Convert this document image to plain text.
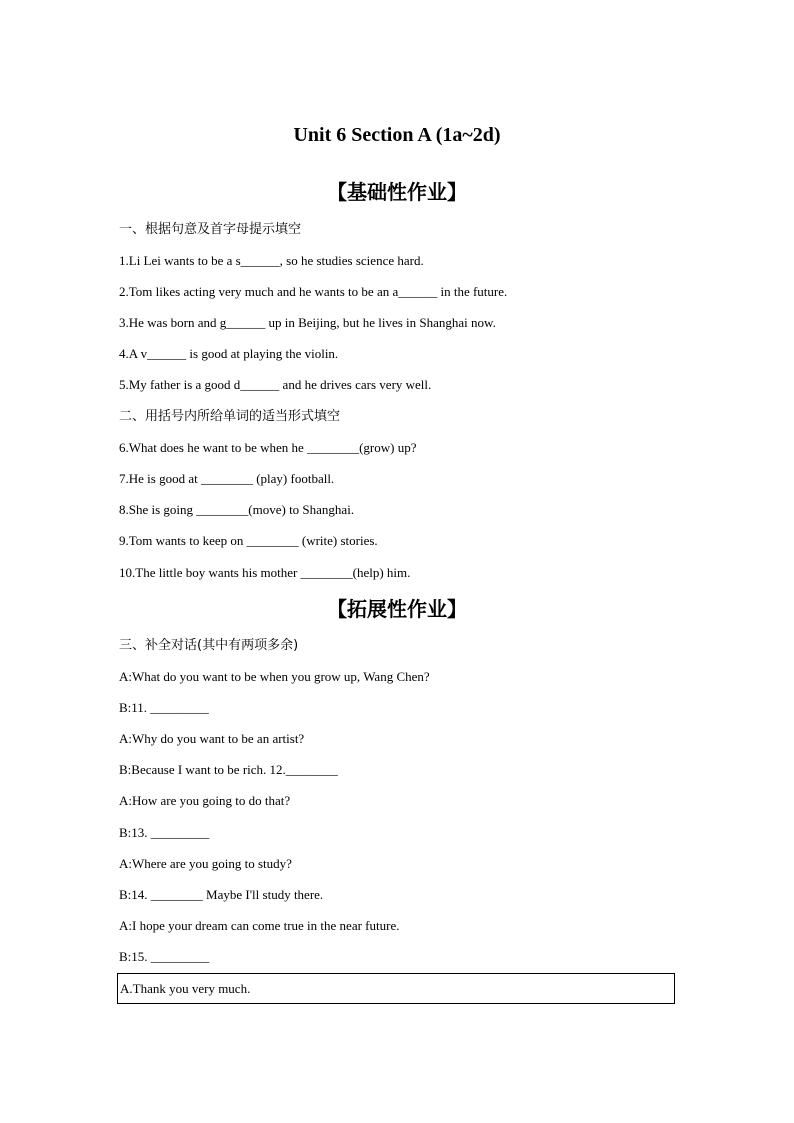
Unit 6 Section A (1a~2d)
【基础性作业】
一、根据句意及首字母提示填空
1.Li Lei wants to be a s______, so he studies science hard.
2.Tom likes acting very much and he wants to be an a______ in the future.
3.He was born and g______ up in Beijing, but he lives in Shanghai now.
4.A v______ is good at playing the violin.
5.My father is a good d______ and he drives cars very well.
二、用括号内所给单词的适当形式填空
6.What does he want to be when he ________(grow) up?
7.He is good at ________ (play) football.
8.She is going ________(move) to Shanghai.
9.Tom wants to keep on ________ (write) stories.
10.The little boy wants his mother ________(help) him.
【拓展性作业】
三、补全对话(其中有两项多余)
A:What do you want to be when you grow up, Wang Chen?
B:11. _________
A:Why do you want to be an artist?
B:Because I want to be rich. 12.________
A:How are you going to do that?
B:13. _________
A:Where are you going to study?
B:14. ________ Maybe I'll study there.
A:I hope your dream can come true in the near future.
B:15. _________
A.Thank you very much.
